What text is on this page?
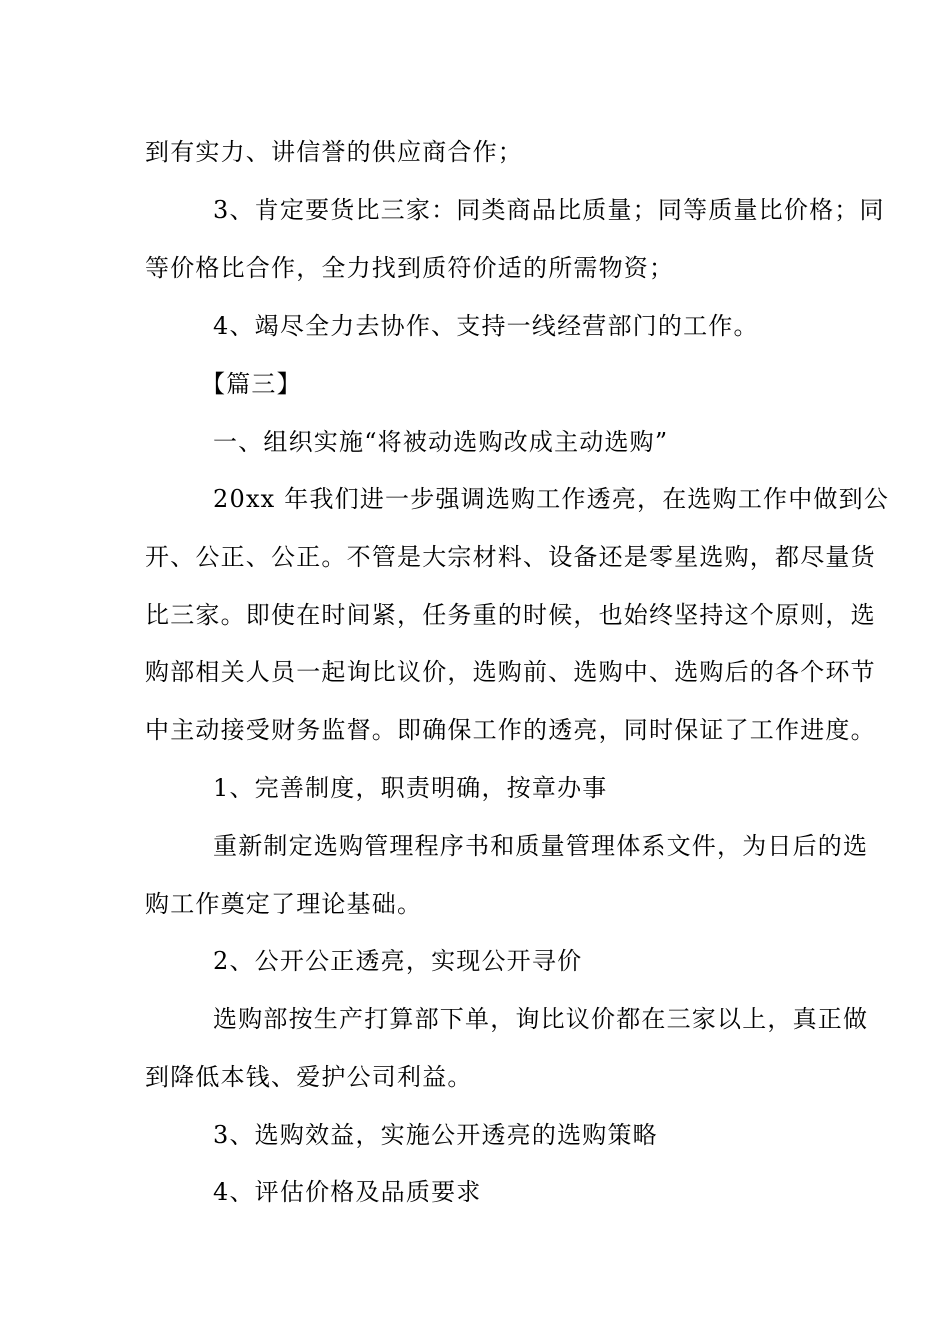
到有实力、讲信誉的供应商合作；
3、肯定要货比三家：同类商品比质量；同等质量比价格；同
等价格比合作，全力找到质符价适的所需物资；
4、竭尽全力去协作、支持一线经营部门的工作。
【篇三】
一、组织实施“将被动选购改成主动选购”
20xx 年我们进一步强调选购工作透亮，在选购工作中做到公
开、公正、公正。不管是大宗材料、设备还是零星选购，都尽量货
比三家。即使在时间紧，任务重的时候，也始终坚持这个原则，选
购部相关人员一起询比议价，选购前、选购中、选购后的各个环节
中主动接受财务监督。即确保工作的透亮，同时保证了工作进度。
1、完善制度，职责明确，按章办事
重新制定选购管理程序书和质量管理体系文件，为日后的选
购工作奠定了理论基础。
2、公开公正透亮，实现公开寻价
选购部按生产打算部下单，询比议价都在三家以上，真正做
到降低本钱、爱护公司利益。
3、选购效益，实施公开透亮的选购策略
4、评估价格及品质要求
